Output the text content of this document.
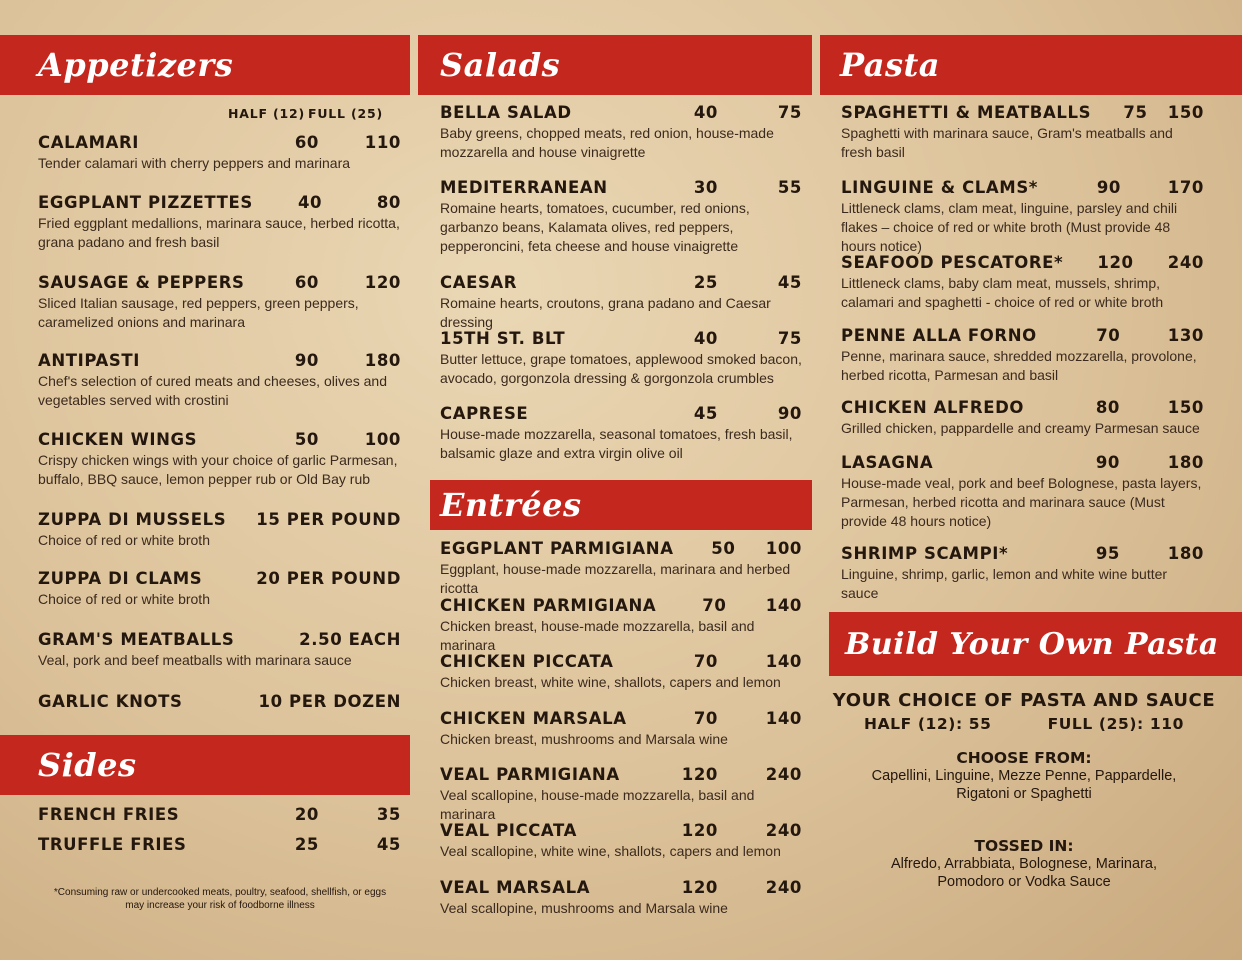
Appetizers
HALF (12) FULL (25)
CALAMARI	60	110
Tender calamari with cherry peppers and marinara
EGGPLANT PIZZETTES	40	80
Fried eggplant medallions, marinara sauce, herbed ricotta, grana padano and fresh basil
SAUSAGE & PEPPERS	60	120
Sliced Italian sausage, red peppers, green peppers, caramelized onions and marinara
ANTIPASTI	90	180
Chef's selection of cured meats and cheeses, olives and vegetables served with crostini
CHICKEN WINGS	50	100
Crispy chicken wings with your choice of garlic Parmesan, buffalo, BBQ sauce, lemon pepper rub or Old Bay rub
ZUPPA DI MUSSELS	15 PER POUND
Choice of red or white broth
ZUPPA DI CLAMS	20 PER POUND
Choice of red or white broth
GRAM'S MEATBALLS	2.50 EACH
Veal, pork and beef meatballs with marinara sauce
GARLIC KNOTS	10 PER DOZEN
Sides
FRENCH FRIES	20	35
TRUFFLE FRIES	25	45
*Consuming raw or undercooked meats, poultry, seafood, shellfish, or eggs
may increase your risk of foodborne illness
Salads
BELLA SALAD	40	75
Baby greens, chopped meats, red onion, house-made mozzarella and house vinaigrette
MEDITERRANEAN	30	55
Romaine hearts, tomatoes, cucumber, red onions, garbanzo beans, Kalamata olives, red peppers, pepperoncini, feta cheese and house vinaigrette
CAESAR	25	45
Romaine hearts, croutons, grana padano and Caesar dressing
15TH ST. BLT	40	75
Butter lettuce, grape tomatoes, applewood smoked bacon, avocado, gorgonzola dressing & gorgonzola crumbles
CAPRESE	45	90
House-made mozzarella, seasonal tomatoes, fresh basil, balsamic glaze and extra virgin olive oil
Entrées
EGGPLANT PARMIGIANA	50	100
Eggplant, house-made mozzarella, marinara and herbed ricotta
CHICKEN PARMIGIANA	70	140
Chicken breast, house-made mozzarella, basil and marinara
CHICKEN PICCATA	70	140
Chicken breast, white wine, shallots, capers and lemon
CHICKEN MARSALA	70	140
Chicken breast, mushrooms and Marsala wine
VEAL PARMIGIANA	120	240
Veal scallopine, house-made mozzarella, basil and marinara
VEAL PICCATA	120	240
Veal scallopine, white wine, shallots, capers and lemon
VEAL MARSALA	120	240
Veal scallopine, mushrooms and Marsala wine
Pasta
SPAGHETTI & MEATBALLS	75	150
Spaghetti with marinara sauce, Gram's meatballs and fresh basil
LINGUINE & CLAMS*	90	170
Littleneck clams, clam meat, linguine, parsley and chili flakes – choice of red or white broth (Must provide 48 hours notice)
SEAFOOD PESCATORE*	120	240
Littleneck clams, baby clam meat, mussels, shrimp, calamari and spaghetti - choice of red or white broth
PENNE ALLA FORNO	70	130
Penne, marinara sauce, shredded mozzarella, provolone, herbed ricotta, Parmesan and basil
CHICKEN ALFREDO	80	150
Grilled chicken, pappardelle and creamy Parmesan sauce
LASAGNA	90	180
House-made veal, pork and beef Bolognese, pasta layers, Parmesan, herbed ricotta and marinara sauce (Must provide 48 hours notice)
SHRIMP SCAMPI*	95	180
Linguine, shrimp, garlic, lemon and white wine butter sauce
Build Your Own Pasta
YOUR CHOICE OF PASTA AND SAUCE
HALF (12): 55	FULL (25): 110
CHOOSE FROM:
Capellini, Linguine, Mezze Penne, Pappardelle,
Rigatoni or Spaghetti
TOSSED IN:
Alfredo, Arrabbiata, Bolognese, Marinara,
Pomodoro or Vodka Sauce
